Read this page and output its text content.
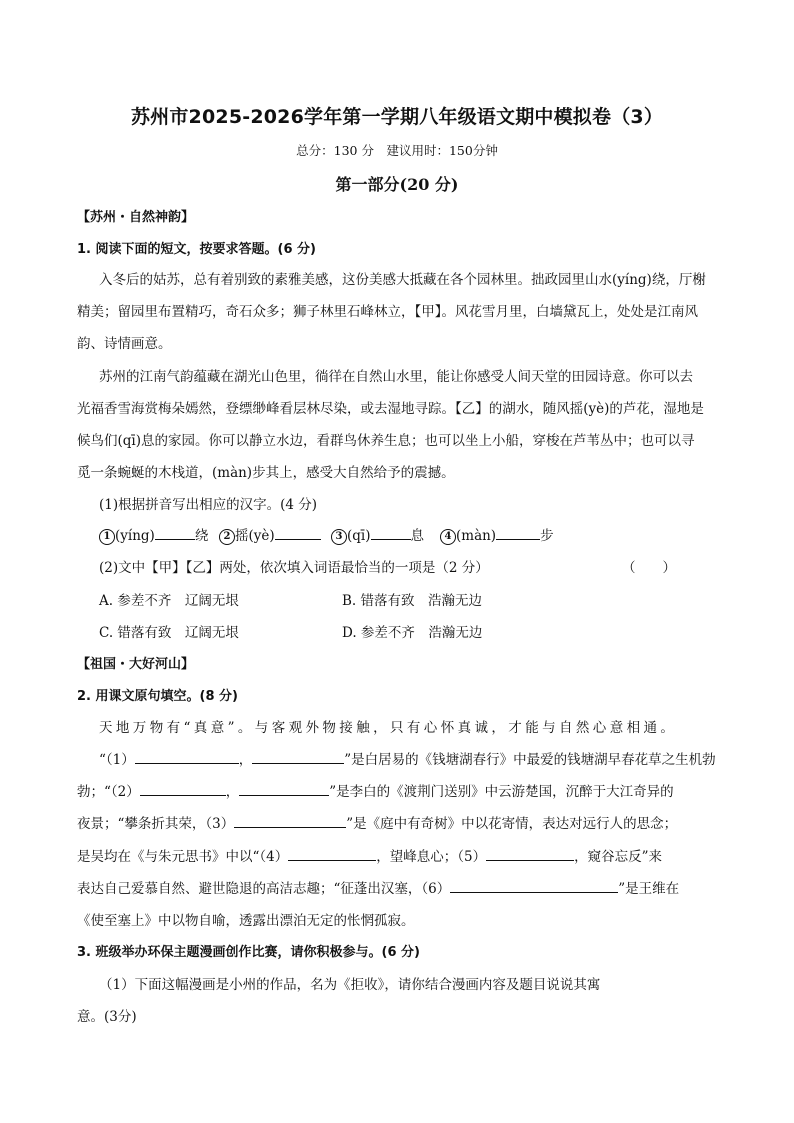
苏州市2025-2026学年第一学期八年级语文期中模拟卷（3）
总分：130 分　建议用时：150分钟
第一部分(20 分)
【苏州・自然神韵】
1. 阅读下面的短文，按要求答题。(6 分)
入冬后的姑苏，总有着别致的素雅美感，这份美感大抵藏在各个园林里。拙政园里山水(yíng)绕，厅榭
精美；留园里布置精巧，奇石众多；狮子林里石峰林立，【甲】。风花雪月里，白墙黛瓦上，处处是江南风
韵、诗情画意。
苏州的江南气韵蕴藏在湖光山色里，徜徉在自然山水里，能让你感受人间天堂的田园诗意。你可以去
光福香雪海赏梅朵嫣然，登缥缈峰看层林尽染，或去湿地寻踪。【乙】的湖水，随风摇(yè)的芦花，湿地是
候鸟们(qī)息的家园。你可以静立水边，看群鸟休养生息；也可以坐上小船，穿梭在芦苇丛中；也可以寻
觅一条蜿蜒的木栈道，(màn)步其上，感受大自然给予的震撼。
(1)根据拼音写出相应的汉字。(4 分)
1 (yíng)	绕	2 摇(yè)	3 (qī)	息	4 (màn)	步
(2)文中【甲】【乙】两处，依次填入词语最恰当的一项是（2 分）	（　　）
A. 参差不齐　辽阔无垠	B. 错落有致　浩瀚无边
C. 错落有致　辽阔无垠	D. 参差不齐　浩瀚无边
【祖国・大好河山】
2. 用课文原句填空。(8 分)
天地万物有“真意”。与客观外物接触，只有心怀真诚，才能与自然心意相通。
“（1）	，	”是白居易的《钱塘湖春行》中最爱的钱塘湖早春花草之生机勃
勃；“（2）	，	”是李白的《渡荆门送别》中云游楚国，沉醉于大江奇异的
夜景；“攀条折其荣，（3）	”是《庭中有奇树》中以花寄情，表达对远行人的思念；
是吴均在《与朱元思书》中以“（4）	，望峰息心；（5）	，窥谷忘反”来
表达自己爱慕自然、避世隐退的高洁志趣；“征蓬出汉塞，（6）	”是王维在
《使至塞上》中以物自喻，透露出漂泊无定的怅惘孤寂。
3. 班级举办环保主题漫画创作比赛，请你积极参与。(6 分)
（1）下面这幅漫画是小州的作品，名为《拒收》，请你结合漫画内容及题目说说其寓
意。(3分)
